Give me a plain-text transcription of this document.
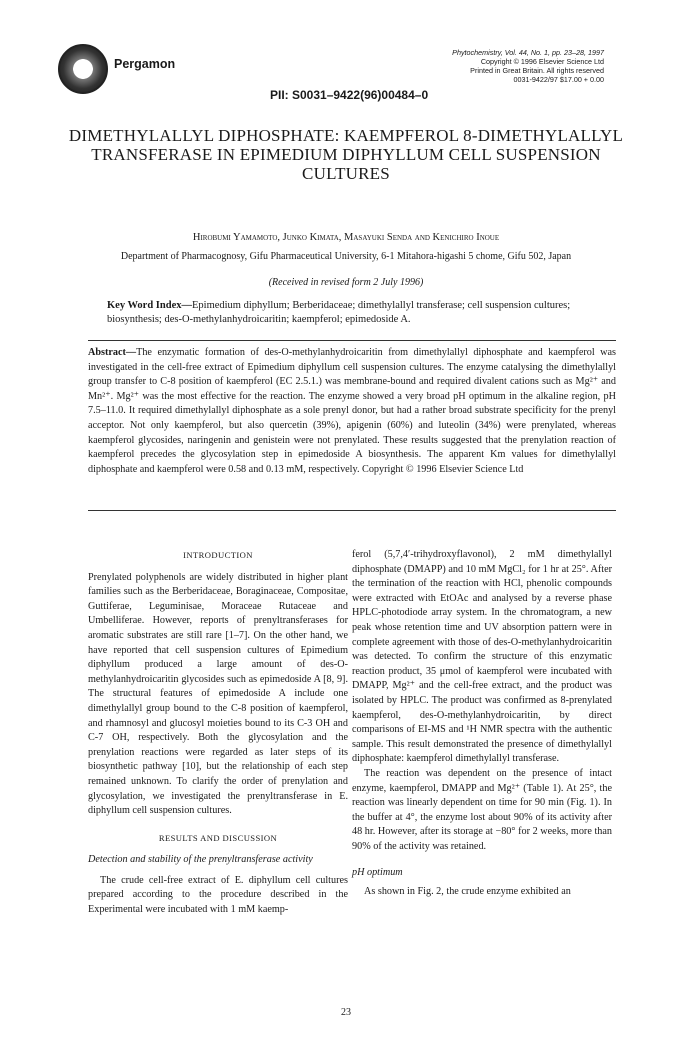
Pergamon
PII: S0031–9422(96)00484–0
Phytochemistry, Vol. 44, No. 1, pp. 23–28, 1997
Copyright © 1996 Elsevier Science Ltd
Printed in Great Britain. All rights reserved
0031-9422/97 $17.00 + 0.00
DIMETHYLALLYL DIPHOSPHATE: KAEMPFEROL 8-DIMETHYLALLYL TRANSFERASE IN EPIMEDIUM DIPHYLLUM CELL SUSPENSION CULTURES
Hirobumi Yamamoto, Junko Kimata, Masayuki Senda and Kenichiro Inoue
Department of Pharmacognosy, Gifu Pharmaceutical University, 6-1 Mitahora-higashi 5 chome, Gifu 502, Japan
(Received in revised form 2 July 1996)
Key Word Index—Epimedium diphyllum; Berberidaceae; dimethylallyl transferase; cell suspension cultures; biosynthesis; des-O-methylanhydroicaritin; kaempferol; epimedoside A.
Abstract—The enzymatic formation of des-O-methylanhydroicaritin from dimethylallyl diphosphate and kaempferol was investigated in the cell-free extract of Epimedium diphyllum cell suspension cultures. The enzyme catalysing the dimethylallyl group transfer to C-8 position of kaempferol (EC 2.5.1.) was membrane-bound and required divalent cations such as Mg²⁺ and Mn²⁺. Mg²⁺ was the most effective for the reaction. The enzyme showed a very broad pH optimum in the alkaline region, pH 7.5–11.0. It required dimethylallyl diphosphate as a sole prenyl donor, but had a rather broad substrate specificity for the prenyl acceptor. Not only kaempferol, but also quercetin (39%), apigenin (60%) and luteolin (34%) were prenylated, whereas kaempferol glycosides, naringenin and genistein were not prenylated. These results suggested that the prenylation reaction of kaempferol precedes the glycosylation step in epimedoside A biosynthesis. The apparent Km values for dimethylallyl diphosphate and kaempferol were 0.58 and 0.13 mM, respectively. Copyright © 1996 Elsevier Science Ltd
INTRODUCTION

Prenylated polyphenols are widely distributed in higher plant families such as the Berberidaceae, Boraginaceae, Compositae, Guttiferae, Leguminisae, Moraceae Rutaceae and Umbelliferae. However, reports of prenyltransferases for aromatic substrates are still rare [1–7]. On the other hand, we have reported that cell suspension cultures of Epimedium diphyllum produced a large amount of des-O-methylanhydroicaritin glycosides such as epimedoside A [8, 9]. The structural features of epimedoside A include one dimethylallyl group bound to the C-8 position of kaempferol, and rhamnosyl and glucosyl moieties bound to its C-3 OH and C-7 OH, respectively. Both the glycosylation and the prenylation reactions were regarded as later steps of its biosynthetic pathway [10], but the relationship of each step remained unknown. To clarify the order of prenylation and glycosylation, we investigated the prenyltransferase in E. diphyllum cell suspension cultures.

RESULTS AND DISCUSSION

Detection and stability of the prenyltransferase activity

The crude cell-free extract of E. diphyllum cell cultures prepared according to the procedure described in the Experimental were incubated with 1 mM kaemp-

ferol (5,7,4′-trihydroxyflavonol), 2 mM dimethylallyl diphosphate (DMAPP) and 10 mM MgCl₂ for 1 hr at 25°. After the termination of the reaction with HCl, phenolic compounds were extracted with EtOAc and analysed by a reverse phase HPLC-photodiode array system. In the chromatogram, a new peak whose retention time and UV absorption pattern were in complete agreement with those of des-O-methylanhydroicaritin was detected. To confirm the structure of this enzymatic reaction product, 35 μmol of kaempferol were incubated with DMAPP, Mg²⁺ and the cell-free extract, and the product was isolated by HPLC. The product was confirmed as 8-prenylated kaempferol, des-O-methylanhydroicaritin, by direct comparisons of EI-MS and ¹H NMR spectra with the authentic sample. This result demonstrated the presence of dimethylallyl diphosphate: kaempferol dimethylallyl transferase.

The reaction was dependent on the presence of intact enzyme, kaempferol, DMAPP and Mg²⁺ (Table 1). At 25°, the reaction was linearly dependent on time for 90 min (Fig. 1). In the buffer at 4°, the enzyme lost about 90% of its activity after 48 hr. However, after its storage at −80° for 2 weeks, more than 90% of the activity was retained.

pH optimum

As shown in Fig. 2, the crude enzyme exhibited an

23
